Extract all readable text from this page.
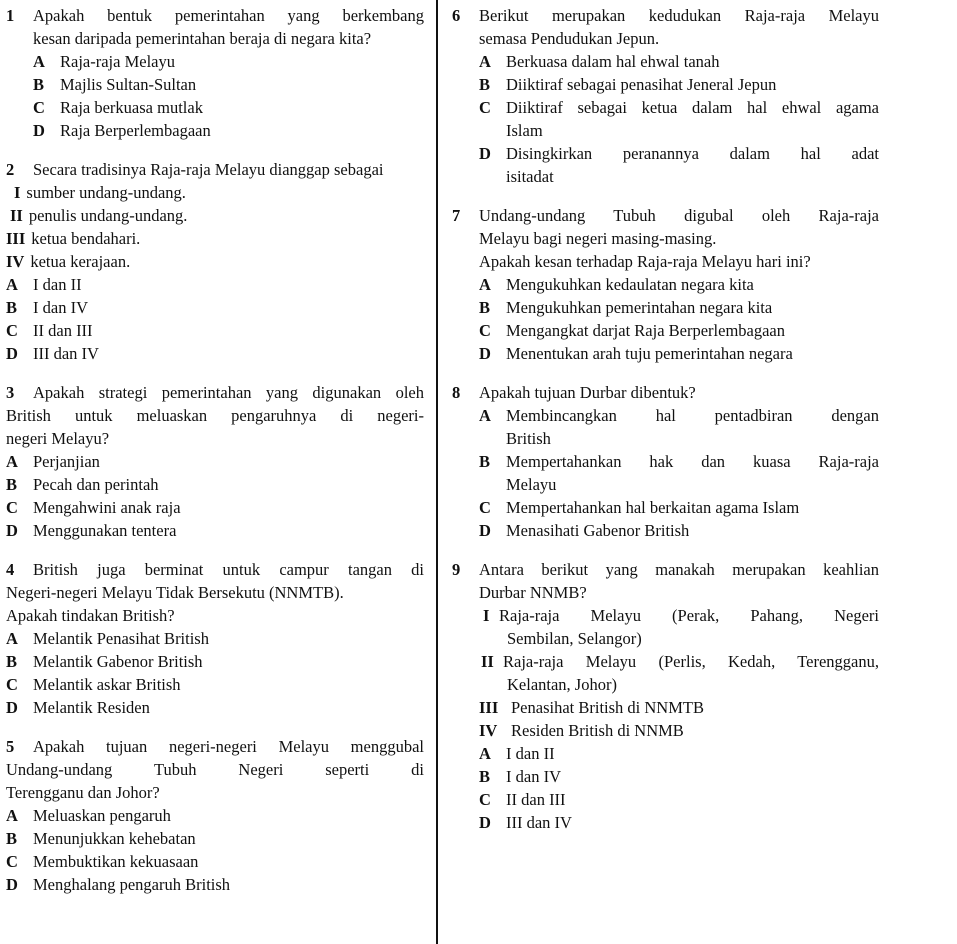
1 Apakah bentuk pemerintahan yang berkembang
kesan daripada pemerintahan beraja di negara kita?
A Raja-raja Melayu
B Majlis Sultan-Sultan
C Raja berkuasa mutlak
D Raja Berperlembagaan
2 Secara tradisinya Raja-raja Melayu dianggap sebagai
I sumber undang-undang.
II penulis undang-undang.
III ketua bendahari.
IV ketua kerajaan.
A I dan II
B I dan IV
C II dan III
D III dan IV
3 Apakah strategi pemerintahan yang digunakan oleh
British untuk meluaskan pengaruhnya di negeri-
negeri Melayu?
A Perjanjian
B Pecah dan perintah
C Mengahwini anak raja
D Menggunakan tentera
4 British juga berminat untuk campur tangan di
Negeri-negeri Melayu Tidak Bersekutu (NNMTB).
Apakah tindakan British?
A Melantik Penasihat British
B Melantik Gabenor British
C Melantik askar British
D Melantik Residen
5 Apakah tujuan negeri-negeri Melayu menggubal
Undang-undang Tubuh Negeri seperti di
Terengganu dan Johor?
A Meluaskan pengaruh
B Menunjukkan kehebatan
C Membuktikan kekuasaan
D Menghalang pengaruh British
6 Berikut merupakan kedudukan Raja-raja Melayu
semasa Pendudukan Jepun.
A Berkuasa dalam hal ehwal tanah
B Diiktiraf sebagai penasihat Jeneral Jepun
C Diiktiraf sebagai ketua dalam hal ehwal agama
Islam
D Disingkirkan peranannya dalam hal adat
isitadat
7 Undang-undang Tubuh digubal oleh Raja-raja
Melayu bagi negeri masing-masing.
Apakah kesan terhadap Raja-raja Melayu hari ini?
A Mengukuhkan kedaulatan negara kita
B Mengukuhkan pemerintahan negara kita
C Mengangkat darjat Raja Berperlembagaan
D Menentukan arah tuju pemerintahan negara
8 Apakah tujuan Durbar dibentuk?
A Membincangkan hal pentadbiran dengan
British
B Mempertahankan hak dan kuasa Raja-raja
Melayu
C Mempertahankan hal berkaitan agama Islam
D Menasihati Gabenor British
9 Antara berikut yang manakah merupakan keahlian
Durbar NNMB?
I Raja-raja Melayu (Perak, Pahang, Negeri
Sembilan, Selangor)
II Raja-raja Melayu (Perlis, Kedah, Terengganu,
Kelantan, Johor)
III Penasihat British di NNMTB
IV Residen British di NNMB
A I dan II
B I dan IV
C II dan III
D III dan IV
